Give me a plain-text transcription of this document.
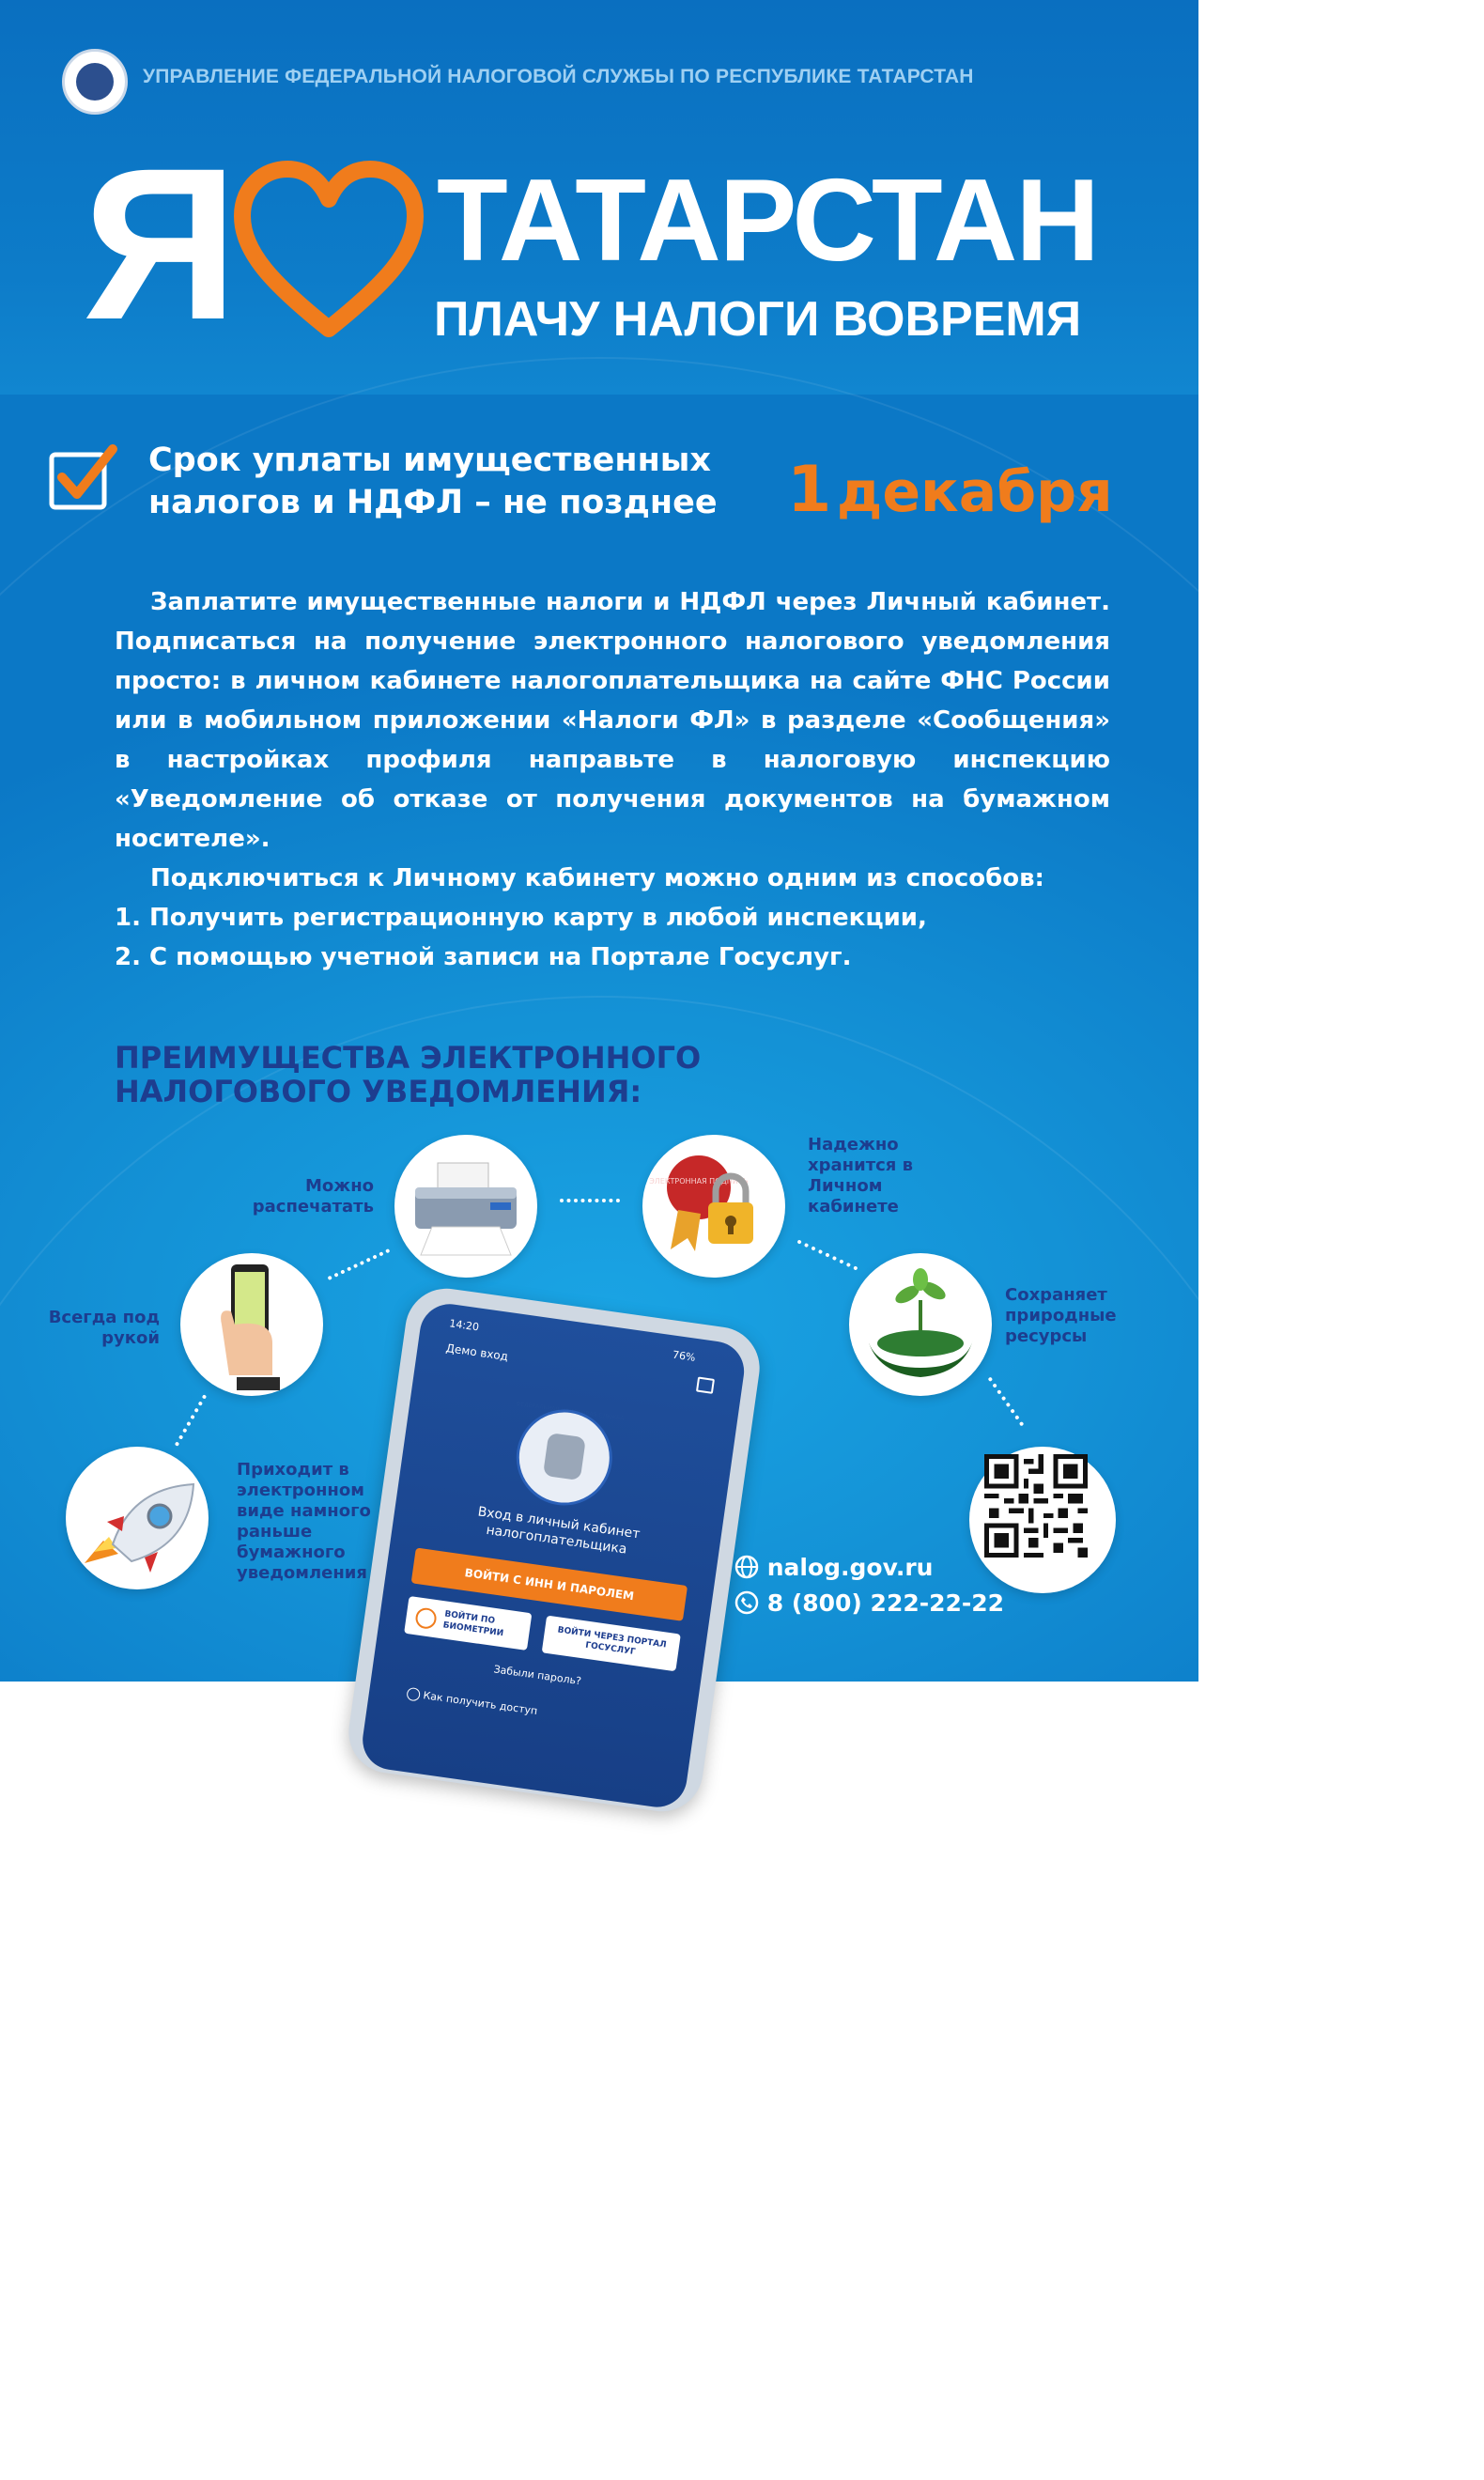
УПРАВЛЕНИЕ ФЕДЕРАЛЬНОЙ НАЛОГОВОЙ СЛУЖБЫ ПО РЕСПУБЛИКЕ ТАТАРСТАН
Я ТАТАРСТАН
ПЛАЧУ НАЛОГИ ВОВРЕМЯ
Срок уплаты имущественных
налогов и НДФЛ – не позднее 1 декабря

Заплатите имущественные налоги и НДФЛ через Личный кабинет. Подписаться на получение электронного налогового уведомления просто: в личном кабинете налогоплательщика на сайте ФНС России или в мобильном приложении «Налоги ФЛ» в разделе «Сообщения» в настройках профиля направьте в налоговую инспекцию «Уведомление об отказе от получения документов на бумажном носителе».

Подключиться к Личному кабинету можно одним из способов:

1. Получить регистрационную карту в любой инспекции,

2. С помощью учетной записи на Портале Госуслуг.

ПРЕИМУЩЕСТВА ЭЛЕКТРОННОГО
НАЛОГОВОГО УВЕДОМЛЕНИЯ:
Можно распечатать
ЭЛЕКТРОННАЯ ПОДПИСЬ
Надежно хранится в Личном кабинете
Всегда под рукой
Сохраняет природные ресурсы
Приходит в электронном виде намного раньше бумажного уведомления
14:20
76%
Демо вход
Вход в личный кабинет налогоплательщика
ВОЙТИ С ИНН И ПАРОЛЕМ
ВОЙТИ ПО БИОМЕТРИИ	ВОЙТИ ЧЕРЕЗ ПОРТАЛ ГОСУСЛУГ
Забыли пароль?
Как получить доступ
nalog.gov.ru
8 (800) 222-22-22
